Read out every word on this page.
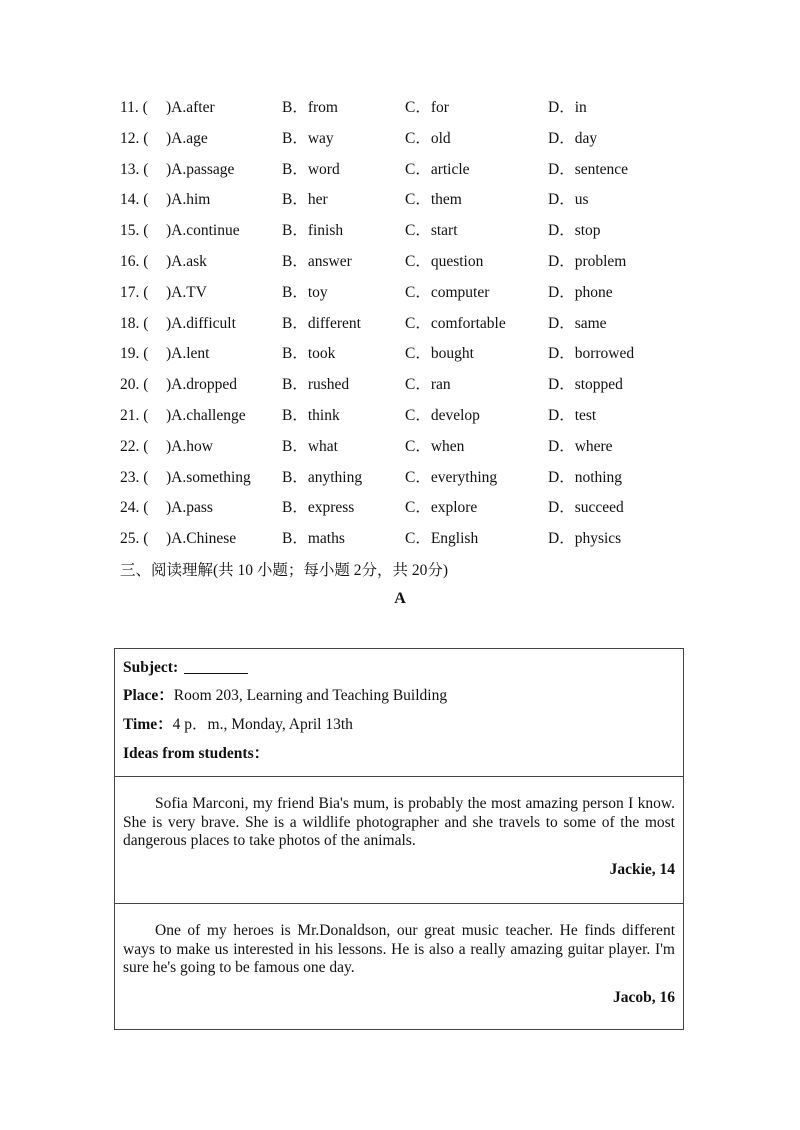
11. ( )A.after	B．from	C．for	D．in
12. ( )A.age	B．way	C．old	D．day
13. ( )A.passage	B．word	C．article	D．sentence
14. ( )A.him	B．her	C．them	D．us
15. ( )A.continue	B．finish	C．start	D．stop
16. ( )A.ask	B．answer	C．question	D．problem
17. ( )A.TV	B．toy	C．computer	D．phone
18. ( )A.difficult	B．different	C．comfortable	D．same
19. ( )A.lent	B．took	C．bought	D．borrowed
20. ( )A.dropped	B．rushed	C．ran	D．stopped
21. ( )A.challenge B．think	C．develop	D．test
22. ( )A.how	B．what	C．when	D．where
23. ( )A.something B．anything	C．everything	D．nothing
24. ( )A.pass	B．express	C．explore	D．succeed
25. ( )A.Chinese	B．maths	C．English	D．physics
三、阅读理解(共 10 小题；每小题 2分，共 20分)
A
Subject:
Place：Room 203, Learning and Teaching Building
Time：4 p．m., Monday, April 13th
Ideas from students：

Sofia Marconi, my friend Bia's mum, is probably the most amazing person I know. She is very brave. She is a wildlife photographer and she travels to some of the most dangerous places to take photos of the animals.

Jackie, 14

One of my heroes is Mr.Donaldson, our great music teacher. He finds different ways to make us interested in his lessons. He is also a really amazing guitar player. I'm sure he's going to be famous one day.

Jacob, 16
